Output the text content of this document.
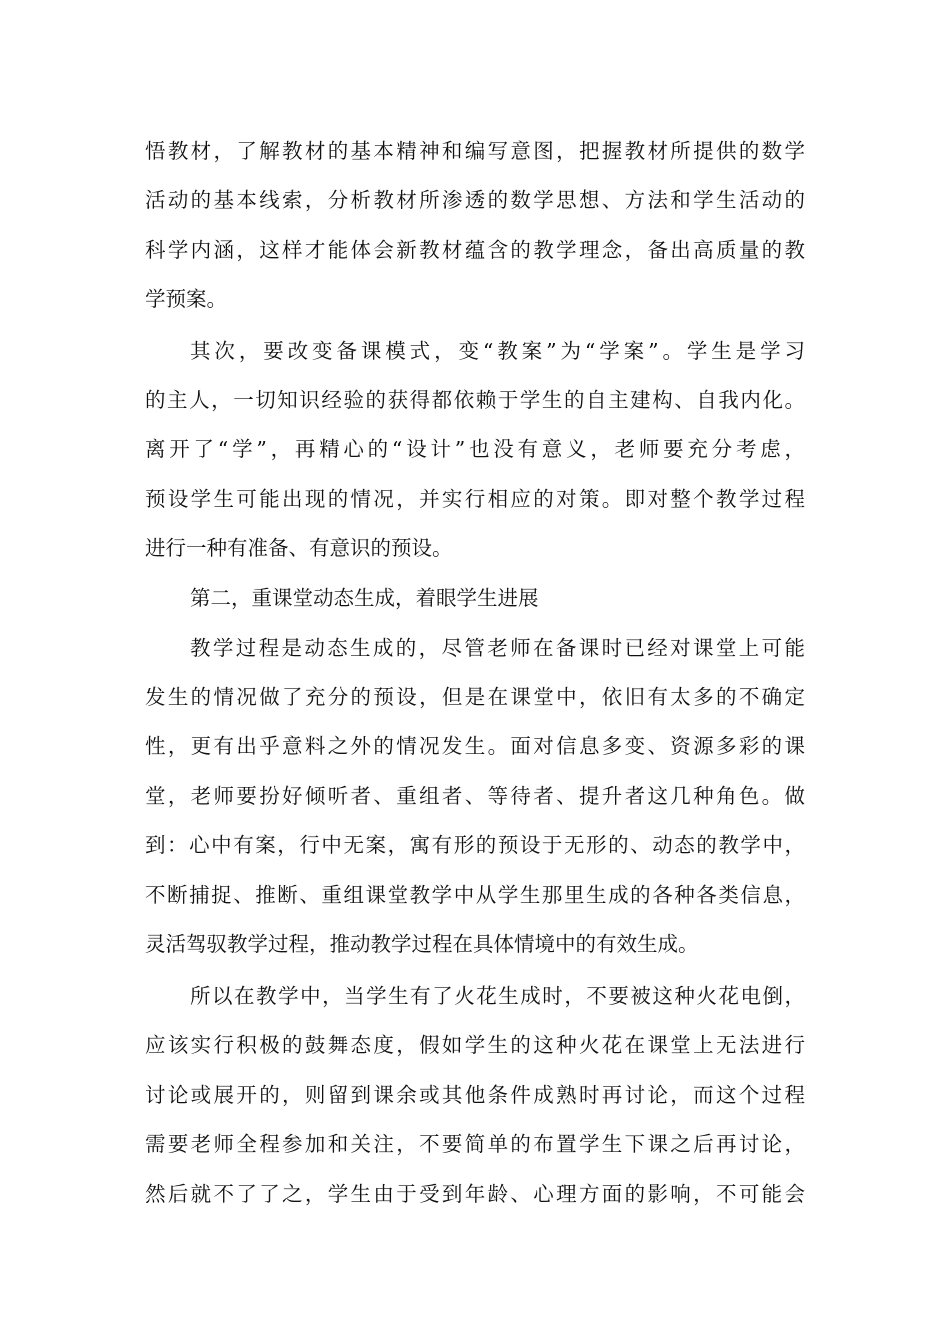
悟教材，了解教材的基本精神和编写意图，把握教材所提供的数学
活动的基本线索，分析教材所渗透的数学思想、方法和学生活动的
科学内涵，这样才能体会新教材蕴含的教学理念，备出高质量的教
学预案。
其次，要改变备课模式，变“教案”为“学案”。学生是学习
的主人，一切知识经验的获得都依赖于学生的自主建构、自我内化。
离开了“学”，再精心的“设计”也没有意义，老师要充分考虑，
预设学生可能出现的情况，并实行相应的对策。即对整个教学过程
进行一种有准备、有意识的预设。
第二，重课堂动态生成，着眼学生进展
教学过程是动态生成的，尽管老师在备课时已经对课堂上可能
发生的情况做了充分的预设，但是在课堂中，依旧有太多的不确定
性，更有出乎意料之外的情况发生。面对信息多变、资源多彩的课
堂，老师要扮好倾听者、重组者、等待者、提升者这几种角色。做
到：心中有案，行中无案，寓有形的预设于无形的、动态的教学中，
不断捕捉、推断、重组课堂教学中从学生那里生成的各种各类信息，
灵活驾驭教学过程，推动教学过程在具体情境中的有效生成。
所以在教学中，当学生有了火花生成时，不要被这种火花电倒，
应该实行积极的鼓舞态度，假如学生的这种火花在课堂上无法进行
讨论或展开的，则留到课余或其他条件成熟时再讨论，而这个过程
需要老师全程参加和关注，不要简单的布置学生下课之后再讨论，
然后就不了了之，学生由于受到年龄、心理方面的影响，不可能会
